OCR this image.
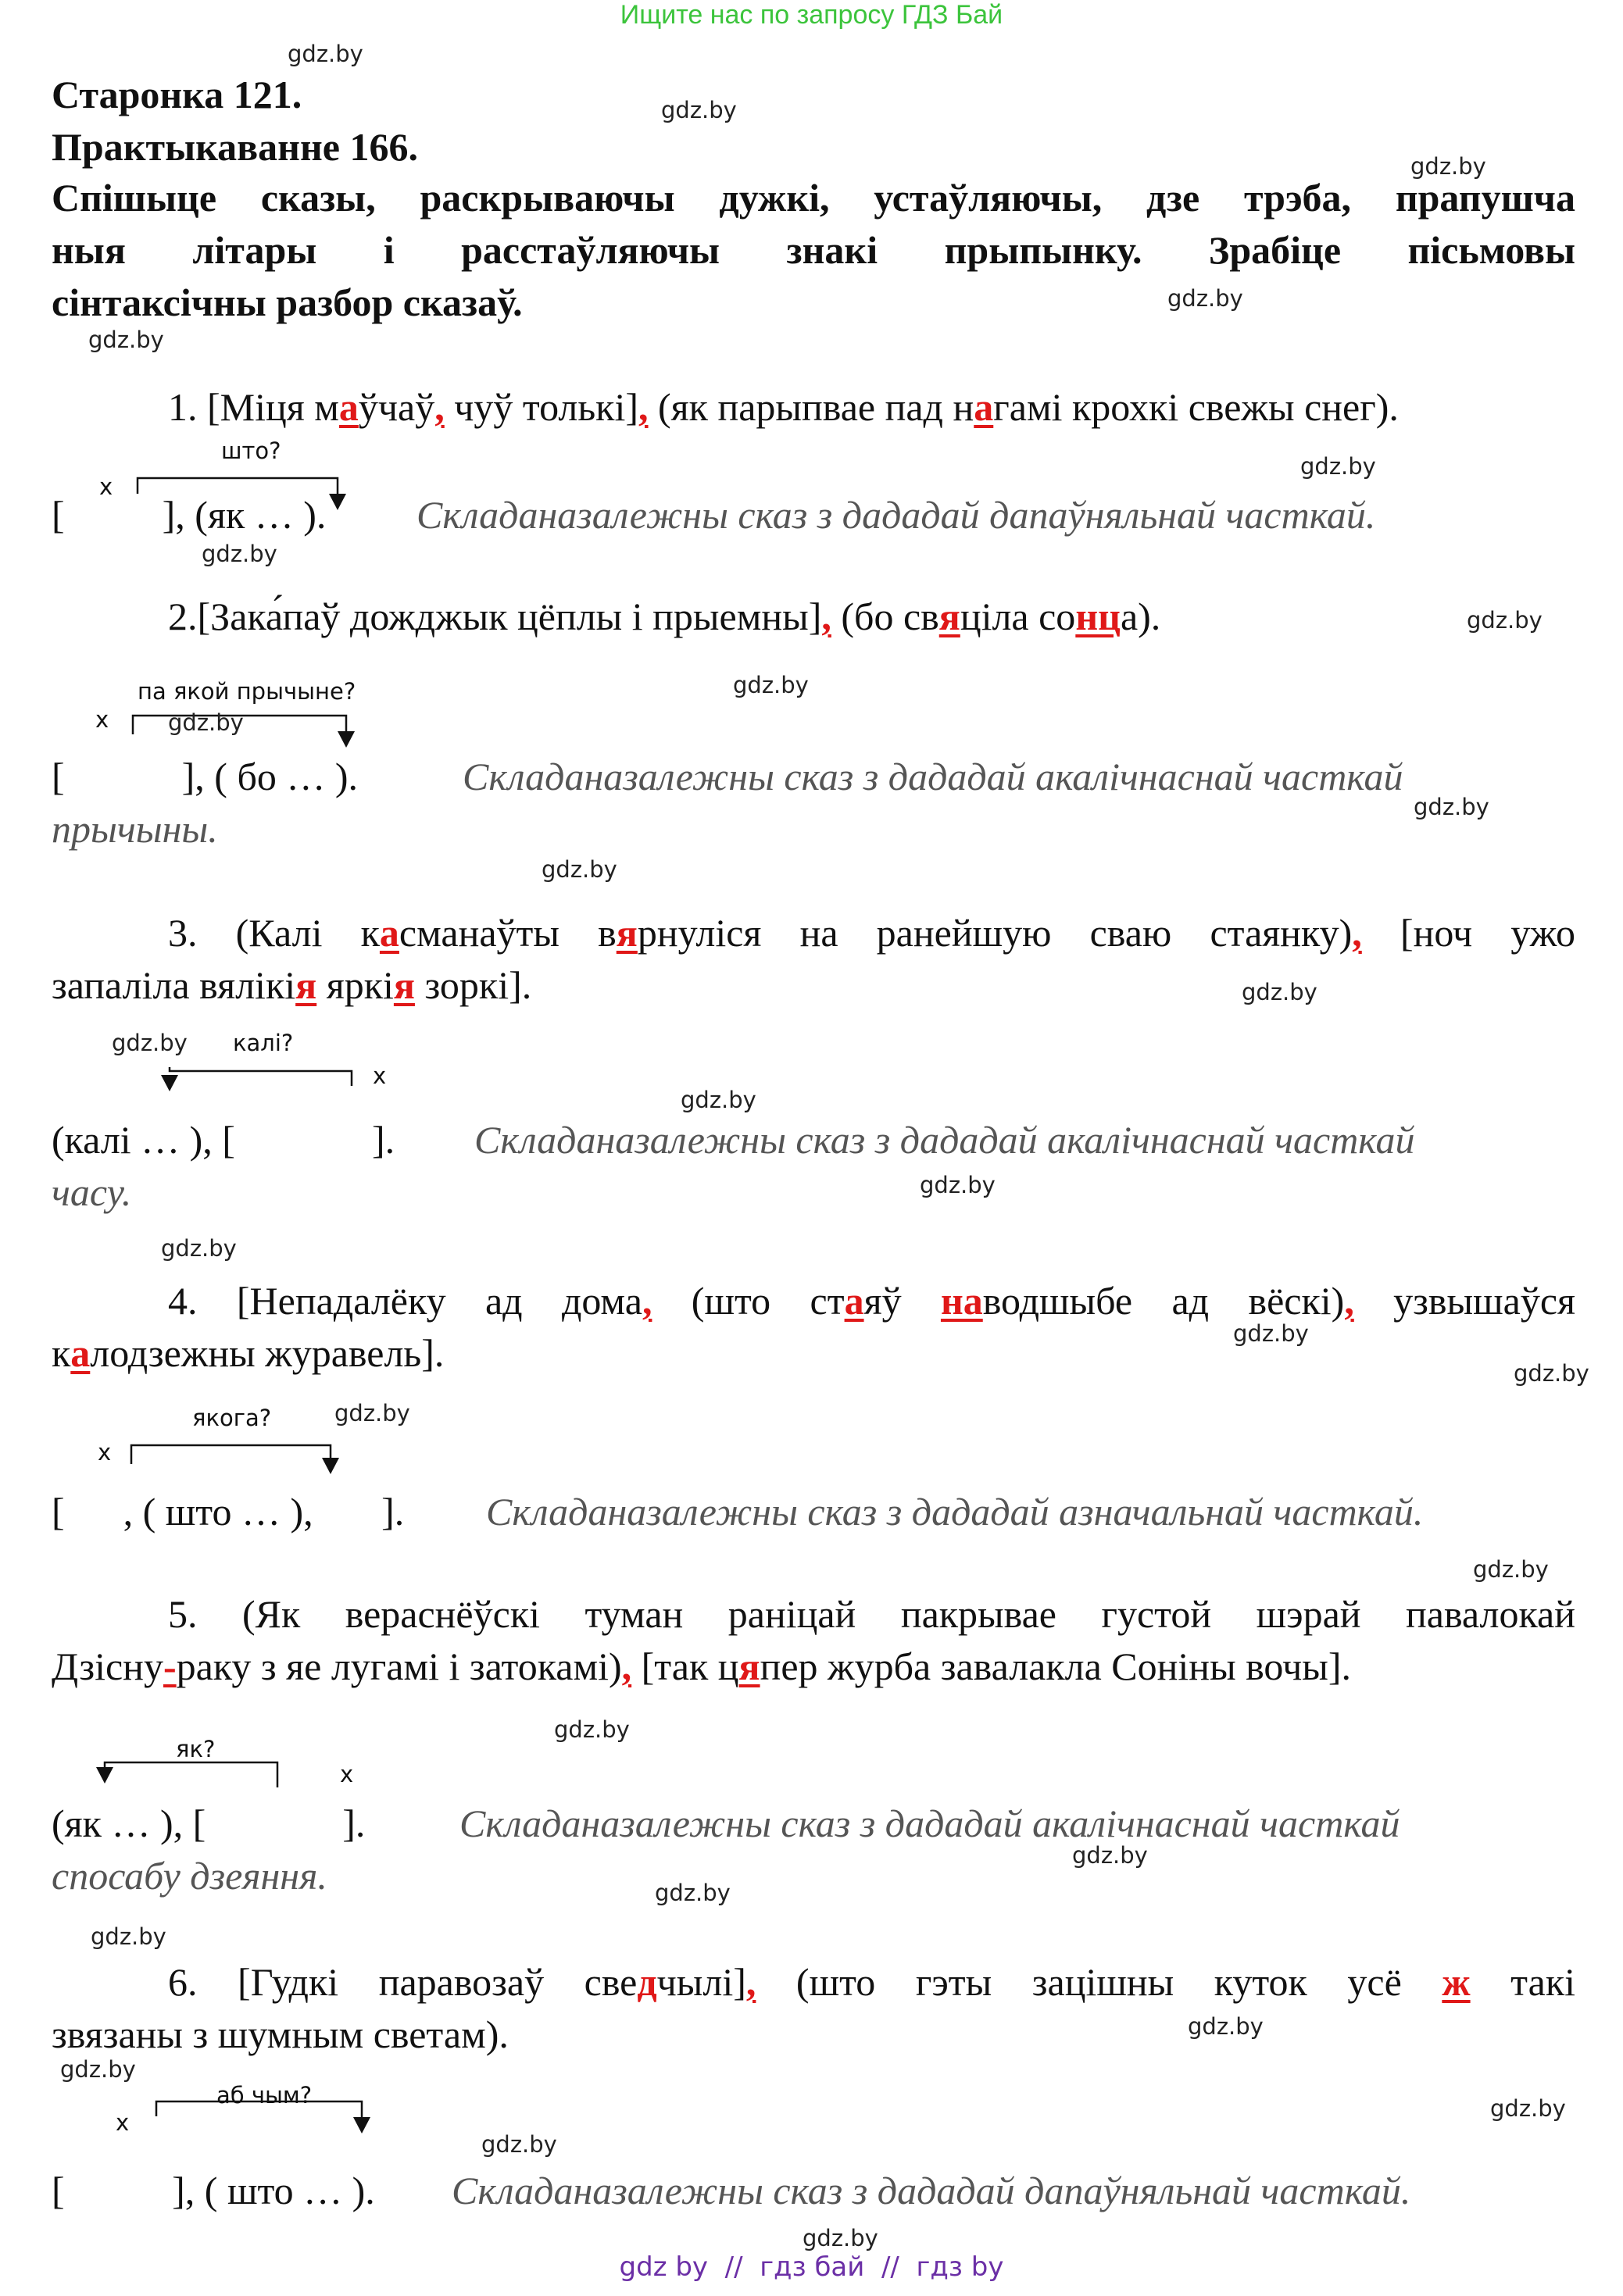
Ищите нас по запросу ГДЗ Бай
Старонка 121.
Практыкаванне 166.
Спішыце сказы, раскрываючы дужкі, устаўляючы, дзе трэба, прапушча
ныя літары і расстаўляючы знакі прыпынку. Зрабіце пісьмовы
сінтаксічны разбор сказаў.
gdz.by
gdz.by
gdz.by
gdz.by
gdz.by
gdz.by
gdz.by
gdz.by
gdz.by
gdz.by
gdz.by
gdz.by
gdz.by
gdz.by
gdz.by
gdz.by
gdz.by
gdz.by
gdz.by
gdz.by
gdz.by
gdz.by
gdz.by
gdz.by
gdz.by
gdz.by
gdz.by
1. [Міця маўчаў, чуў толькі], (як парыпвае пад нагамі крохкі свежы снег).
што?
x
[          ], (як … ). Складаназалежны сказ з дададай дапаўняльнай часткай.
2.[Зака́паў дожджык цёплы і прыемны], (бо свяціла сонца).
па якой прычыне?
x	gdz.by
[            ], ( бо … ).	Складаназалежны сказ з дададай акалічнаснай часткай
прычыны.
3. (Калі касманаўты вярнуліся на ранейшую сваю стаянку), [ноч ужо
запаліла вялікія яркія зоркі].
gdz.by калі?
x
(калі … ), [              ]. Складаназалежны сказ з дададай акалічнаснай часткай
часу.
4. [Непадалёку ад дома, (што стаяў наводшыбе ад вёскі), узвышаўся
калодзежны журавель].
якога?	gdz.by
x
[      , ( што … ),       ]. Складаназалежны сказ з дададай азначальнай часткай.
5. (Як вераснёўскі туман раніцай пакрывае густой шэрай павалокай
Дзісну-раку з яе лугамі і затокамі), [так цяпер журба завалакла Соніны вочы].
як?
x
(як … ), [              ]. Складаназалежны сказ з дададай акалічнаснай часткай
спосабу дзеяння.
6. [Гудкі паравозаў сведчылі], (што гэты зацішны куток усё ж такі
звязаны з шумным светам).
аб чым?
x
[           ], ( што … ). Складаназалежны сказ з дададай дапаўняльнай часткай.
gdz by  //  гдз бай  //  гдз by
